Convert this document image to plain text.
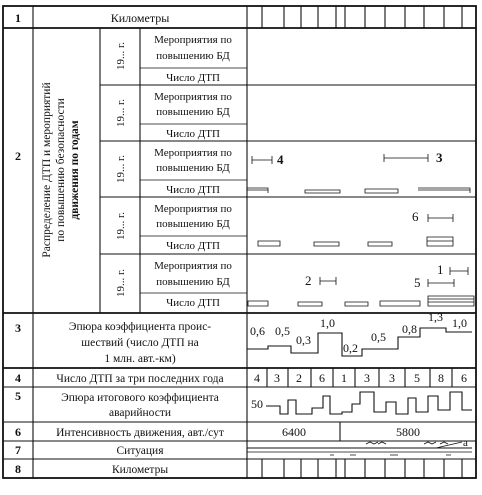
1
2
3
4
5
6
7
8
Километры
Распределение ДТП и мероприятий по повышению безопасности движения по годам
19... г.
Мероприятия по
повышению БД
Число ДТП
19... г.
Мероприятия по
повышению БД
Число ДТП
19... г.
Мероприятия по
повышению БД
Число ДТП
19... г.
Мероприятия по
повышению БД
Число ДТП
19... г.
Мероприятия по
повышению БД
Число ДТП
Эпюра коэффициента проис-
шествий (число ДТП на
1 млн. авт.-км)
Число ДТП за три последних года
Эпюра итогового коэффициента
аварийности
Интенсивность движения, авт./сут
Ситуация
Километры
4	3
6
2
1
5
0,6 0,5
0,3
1,0
0,2
0,5
0,8
1,3 1,0
4 3 2 6 1 3 3 5 8 6
50
6400	5800
а
